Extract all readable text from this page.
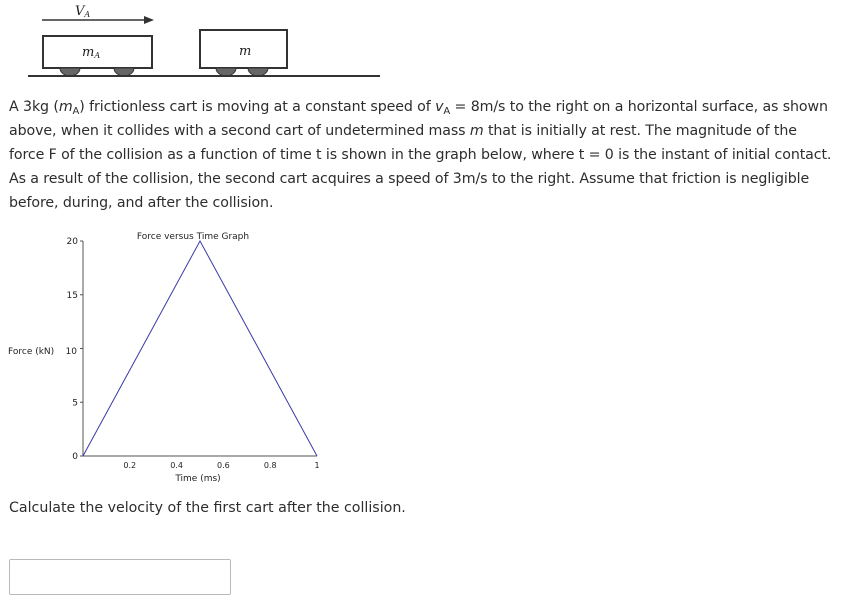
VA
mA	m
A 3kg $(m_A)$ frictionless cart is moving at a constant speed of $v_A = 8m/s$ to the right on a horizontal surface, as shown above, when it collides with a second cart of undetermined mass m that is initially at rest. The magnitude of the force F of the collision as a function of time t is shown in the graph below, where t = 0 is the instant of initial contact. As a result of the collision, the second cart acquires a speed of 3m/s to the right. Assume that friction is negligible before, during, and after the collision.
Force versus Time Graph
0
5
15
20
0.2	0.4	0.6	0.8	1
Force (kN) 10
Time (ms)
Calculate the velocity of the first cart after the collision.
